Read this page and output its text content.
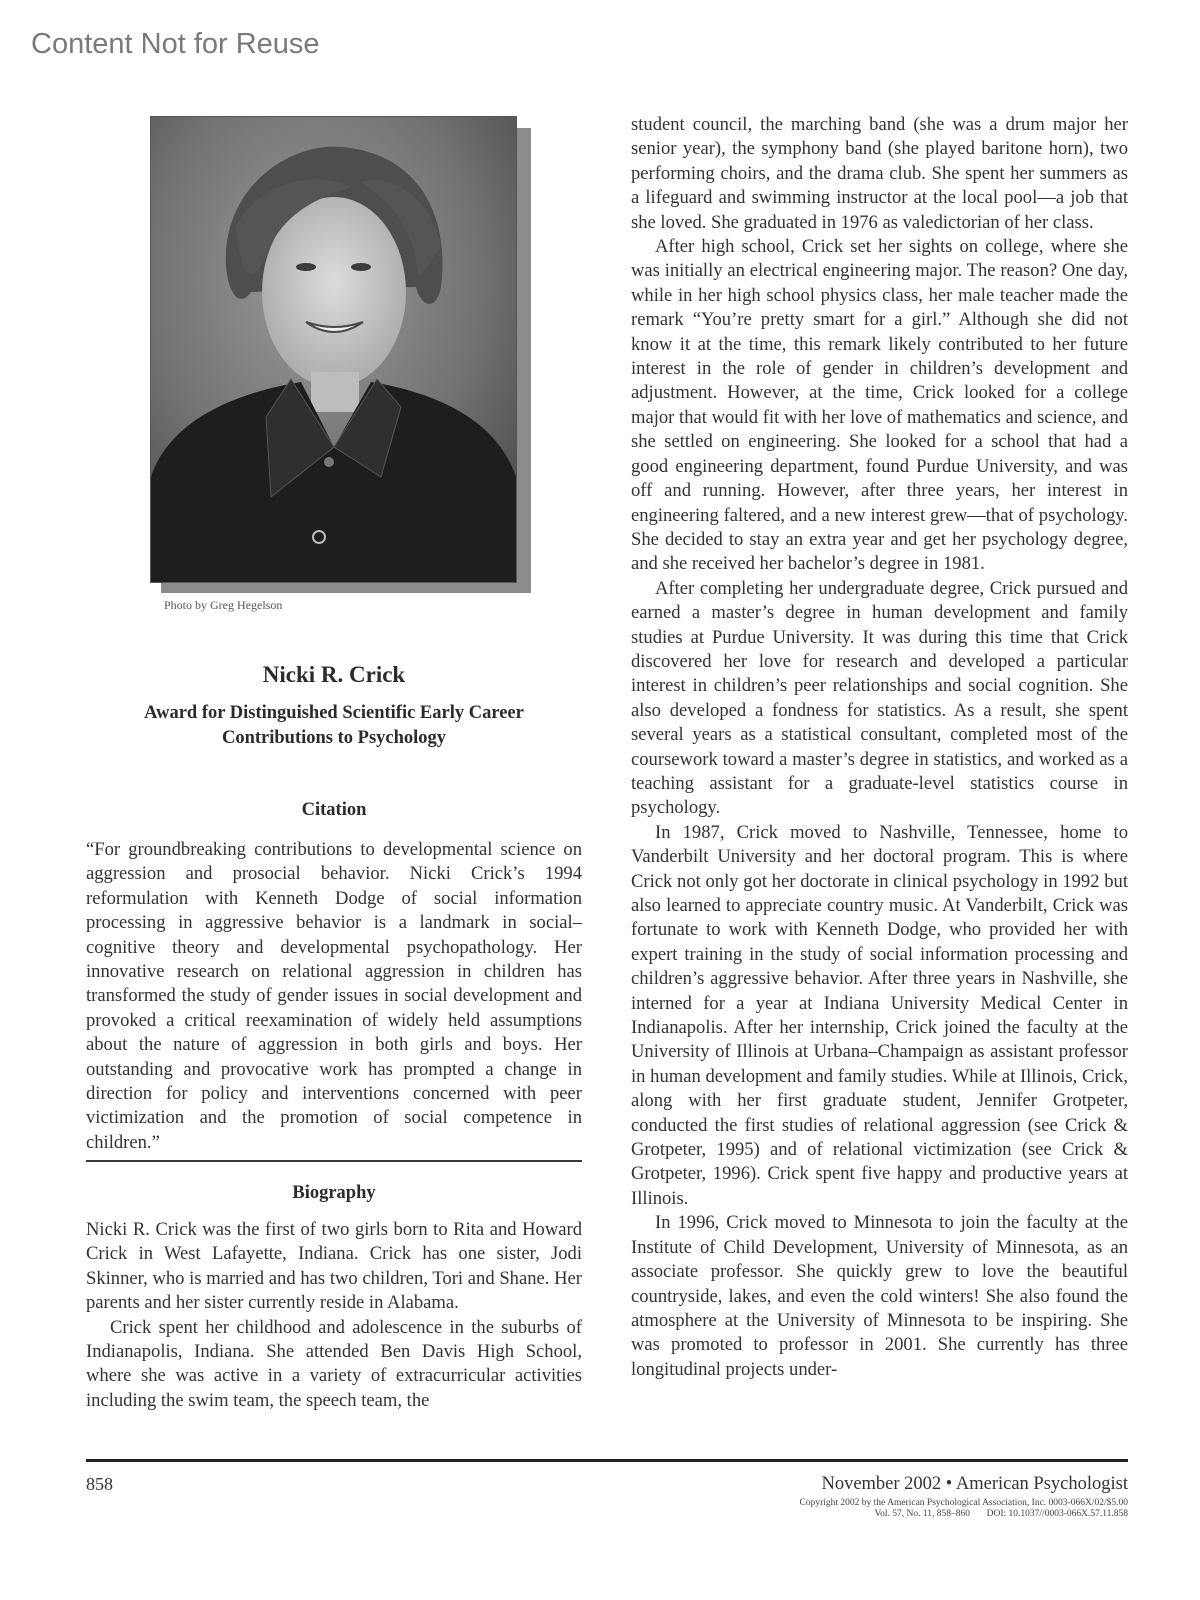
Content Not for Reuse
Photo by Greg Hegelson
Nicki R. Crick
Award for Distinguished Scientific Early Career
Contributions to Psychology
Citation

“For groundbreaking contributions to developmental science on aggression and prosocial behavior. Nicki Crick’s 1994 reformulation with Kenneth Dodge of social information processing in aggressive behavior is a landmark in social–cognitive theory and developmental psychopathology. Her innovative research on relational aggression in children has transformed the study of gender issues in social development and provoked a critical reexamination of widely held assumptions about the nature of aggression in both girls and boys. Her outstanding and provocative work has prompted a change in direction for policy and interventions concerned with peer victimization and the promotion of social competence in children.”

Biography

Nicki R. Crick was the first of two girls born to Rita and Howard Crick in West Lafayette, Indiana. Crick has one sister, Jodi Skinner, who is married and has two children, Tori and Shane. Her parents and her sister currently reside in Alabama.

Crick spent her childhood and adolescence in the suburbs of Indianapolis, Indiana. She attended Ben Davis High School, where she was active in a variety of extracurricular activities including the swim team, the speech team, the

student council, the marching band (she was a drum major her senior year), the symphony band (she played baritone horn), two performing choirs, and the drama club. She spent her summers as a lifeguard and swimming instructor at the local pool—a job that she loved. She graduated in 1976 as valedictorian of her class.

After high school, Crick set her sights on college, where she was initially an electrical engineering major. The reason? One day, while in her high school physics class, her male teacher made the remark “You’re pretty smart for a girl.” Although she did not know it at the time, this remark likely contributed to her future interest in the role of gender in children’s development and adjustment. However, at the time, Crick looked for a college major that would fit with her love of mathematics and science, and she settled on engineering. She looked for a school that had a good engineering department, found Purdue University, and was off and running. However, after three years, her interest in engineering faltered, and a new interest grew—that of psychology. She decided to stay an extra year and get her psychology degree, and she received her bachelor’s degree in 1981.

After completing her undergraduate degree, Crick pursued and earned a master’s degree in human development and family studies at Purdue University. It was during this time that Crick discovered her love for research and developed a particular interest in children’s peer relationships and social cognition. She also developed a fondness for statistics. As a result, she spent several years as a statistical consultant, completed most of the coursework toward a master’s degree in statistics, and worked as a teaching assistant for a graduate-level statistics course in psychology.

In 1987, Crick moved to Nashville, Tennessee, home to Vanderbilt University and her doctoral program. This is where Crick not only got her doctorate in clinical psychology in 1992 but also learned to appreciate country music. At Vanderbilt, Crick was fortunate to work with Kenneth Dodge, who provided her with expert training in the study of social information processing and children’s aggressive behavior. After three years in Nashville, she interned for a year at Indiana University Medical Center in Indianapolis. After her internship, Crick joined the faculty at the University of Illinois at Urbana–Champaign as assistant professor in human development and family studies. While at Illinois, Crick, along with her first graduate student, Jennifer Grotpeter, conducted the first studies of relational aggression (see Crick & Grotpeter, 1995) and of relational victimization (see Crick & Grotpeter, 1996). Crick spent five happy and productive years at Illinois.

In 1996, Crick moved to Minnesota to join the faculty at the Institute of Child Development, University of Minnesota, as an associate professor. She quickly grew to love the beautiful countryside, lakes, and even the cold winters! She also found the atmosphere at the University of Minnesota to be inspiring. She was promoted to professor in 2001. She currently has three longitudinal projects under-

858	November 2002 • American Psychologist
Copyright 2002 by the American Psychological Association, Inc. 0003-066X/02/$5.00
Vol. 57, No. 11, 858–860       DOI: 10.1037//0003-066X.57.11.858
